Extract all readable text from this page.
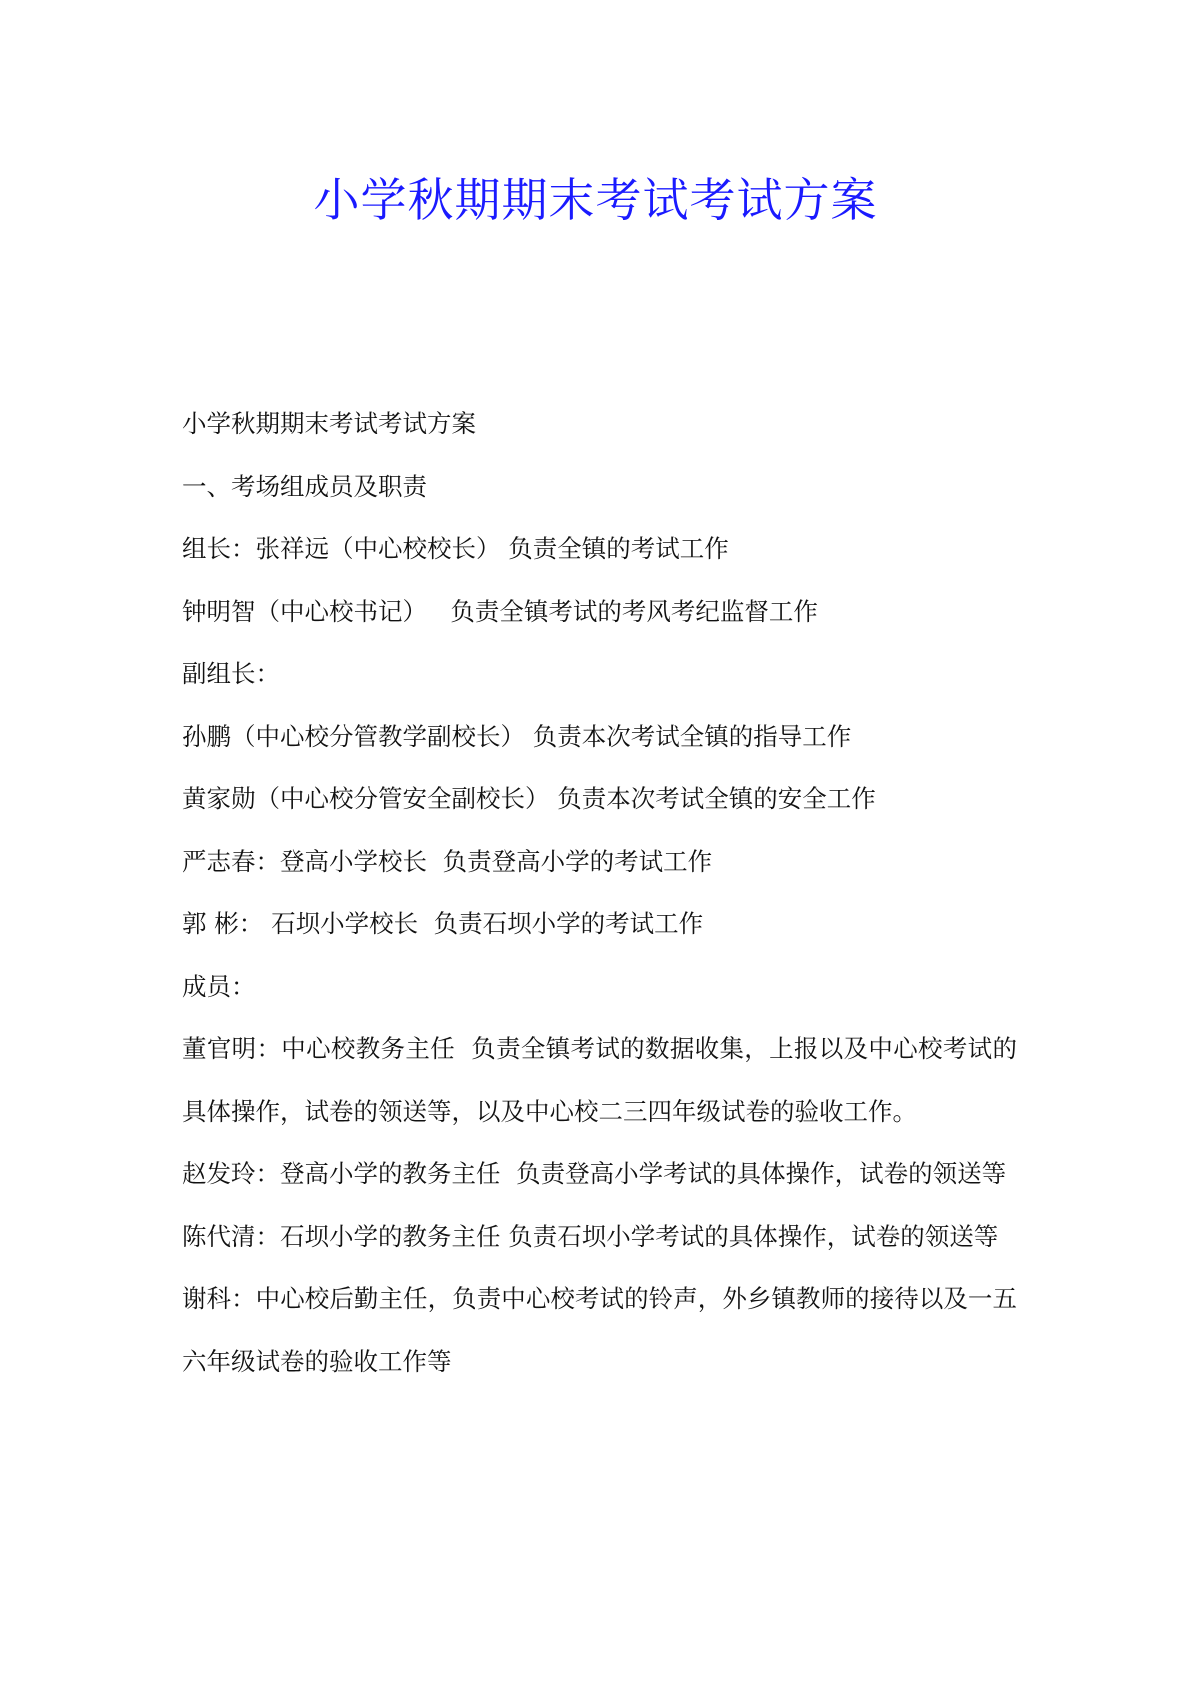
小学秋期期末考试考试方案

小学秋期期末考试考试方案

一、考场组成员及职责

组长：张祥远（中心校校长） 负责全镇的考试工作

钟明智（中心校书记）   负责全镇考试的考风考纪监督工作

副组长：

孙鹏（中心校分管教学副校长） 负责本次考试全镇的指导工作

黄家勋（中心校分管安全副校长） 负责本次考试全镇的安全工作

严志春：登高小学校长  负责登高小学的考试工作

郭 彬： 石坝小学校长  负责石坝小学的考试工作

成员：

董官明：中心校教务主任  负责全镇考试的数据收集，上报以及中心校考试的具体操作，试卷的领送等，以及中心校二三四年级试卷的验收工作。

赵发玲：登高小学的教务主任  负责登高小学考试的具体操作，试卷的领送等

陈代清：石坝小学的教务主任 负责石坝小学考试的具体操作，试卷的领送等

谢科：中心校后勤主任，负责中心校考试的铃声，外乡镇教师的接待以及一五六年级试卷的验收工作等
